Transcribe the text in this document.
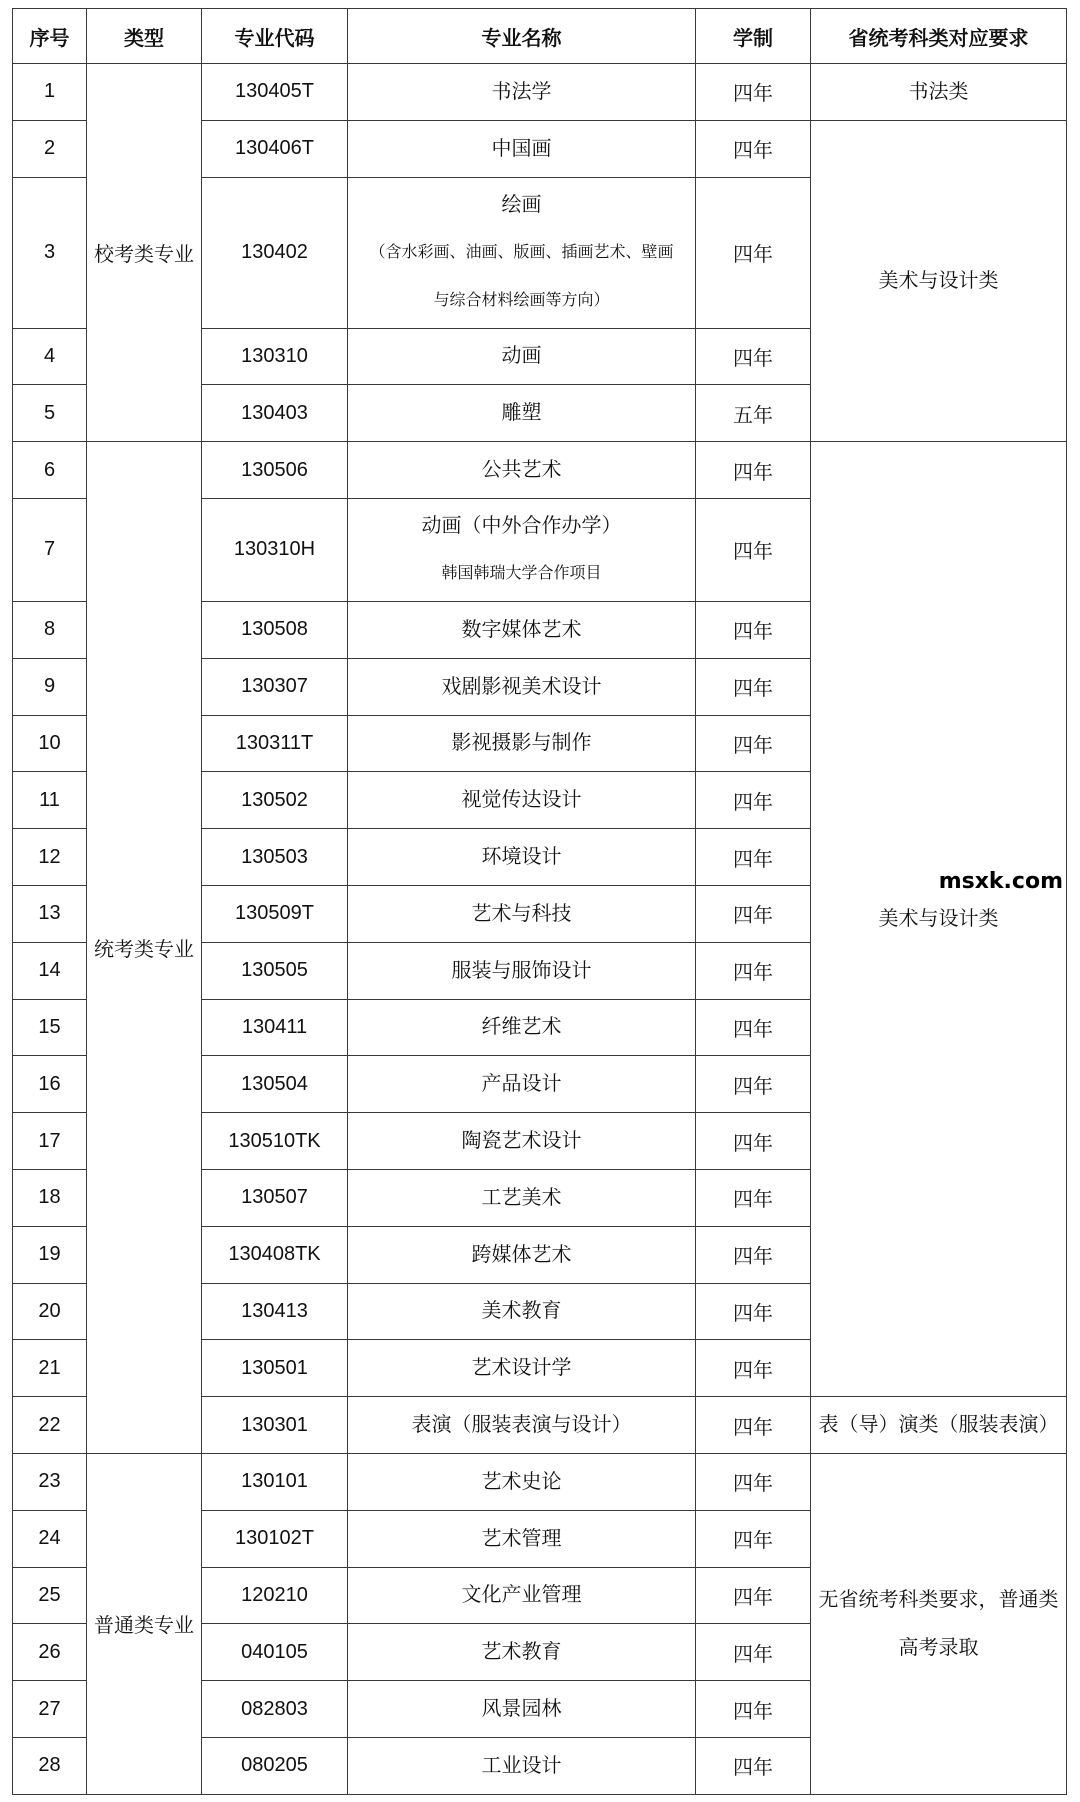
序号	类型	专业代码	专业名称	学制	省统考科类对应要求
1	校考类专业	130405T	书法学	四年	书法类

2		130406T	中国画	四年	美术与设计类

3		130402	绘画
（含水彩画、油画、版画、插画艺术、壁画
与综合材料绘画等方向）	四年	
4		130310	动画	四年	
5		130403	雕塑	五年	
6	统考类专业	130506	公共艺术	四年	msxk.com
美术与设计类

7		130310H	动画（中外合作办学）
韩国韩瑞大学合作项目	四年	
8		130508	数字媒体艺术	四年	
9		130307	戏剧影视美术设计	四年	
10		130311T	影视摄影与制作	四年	
11		130502	视觉传达设计	四年	
12		130503	环境设计	四年	
13		130509T	艺术与科技	四年	
14		130505	服装与服饰设计	四年	
15		130411	纤维艺术	四年	
16		130504	产品设计	四年	
17		130510TK	陶瓷艺术设计	四年	
18		130507	工艺美术	四年	
19		130408TK	跨媒体艺术	四年	
20		130413	美术教育	四年	
21		130501	艺术设计学	四年	
22		130301	表演（服装表演与设计）	四年	表（导）演类（服装表演）

23	普通类专业	130101	艺术史论	四年	无省统考科类要求，普通类
高考录取

24		130102T	艺术管理	四年	
25		120210	文化产业管理	四年	
26		040105	艺术教育	四年	
27		082803	风景园林	四年	
28		080205	工业设计	四年	
